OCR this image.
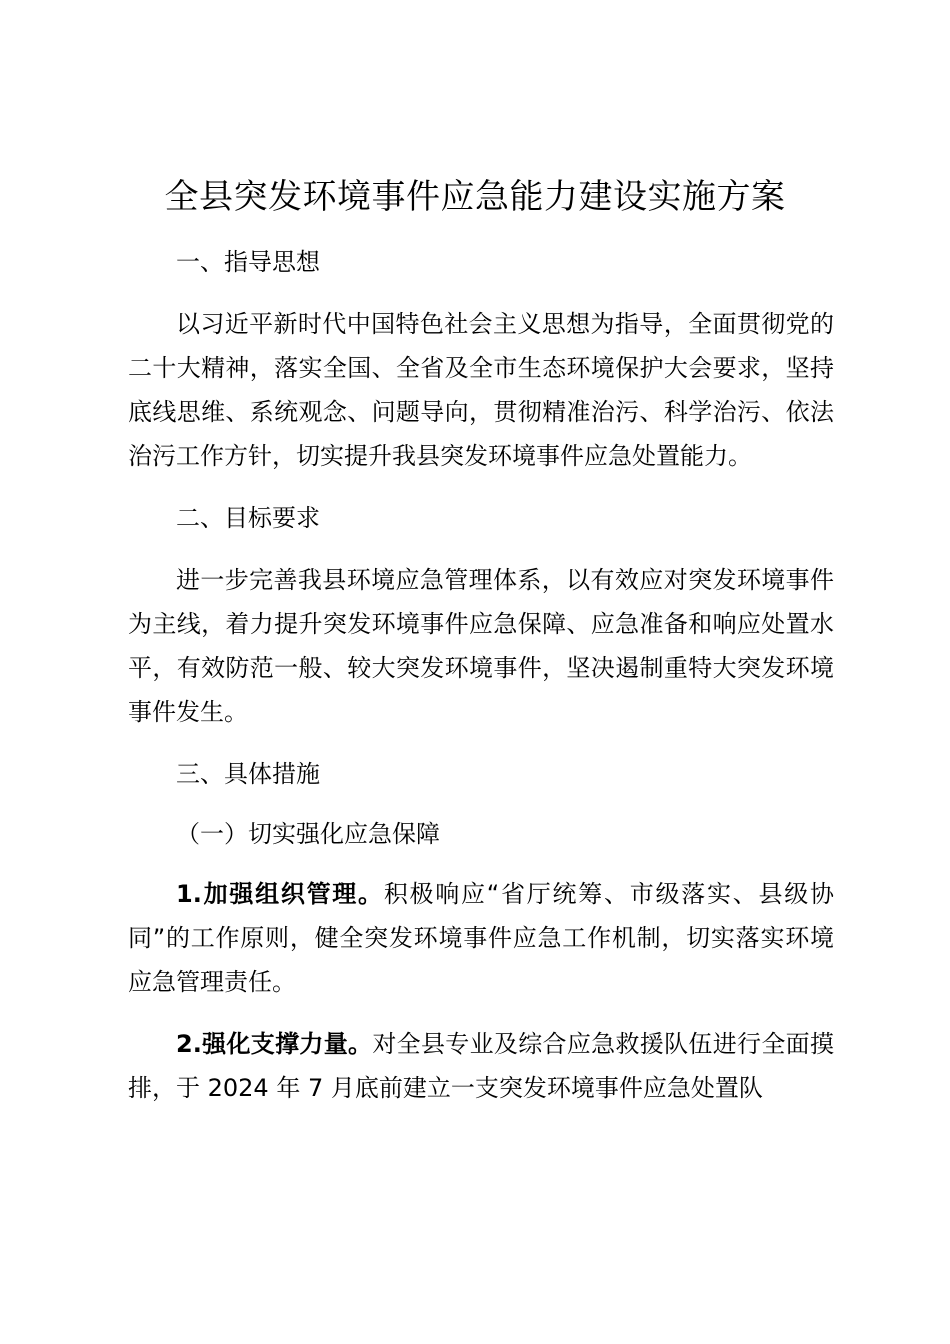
全县突发环境事件应急能力建设实施方案

一、指导思想

以习近平新时代中国特色社会主义思想为指导，全面贯彻党的二十大精神，落实全国、全省及全市生态环境保护大会要求，坚持底线思维、系统观念、问题导向，贯彻精准治污、科学治污、依法治污工作方针，切实提升我县突发环境事件应急处置能力。

二、目标要求

进一步完善我县环境应急管理体系，以有效应对突发环境事件为主线，着力提升突发环境事件应急保障、应急准备和响应处置水平，有效防范一般、较大突发环境事件，坚决遏制重特大突发环境事件发生。

三、具体措施

（一）切实强化应急保障

1.加强组织管理。积极响应“省厅统筹、市级落实、县级协同”的工作原则，健全突发环境事件应急工作机制，切实落实环境应急管理责任。

2.强化支撑力量。对全县专业及综合应急救援队伍进行全面摸排，于 2024 年 7 月底前建立一支突发环境事件应急处置队
